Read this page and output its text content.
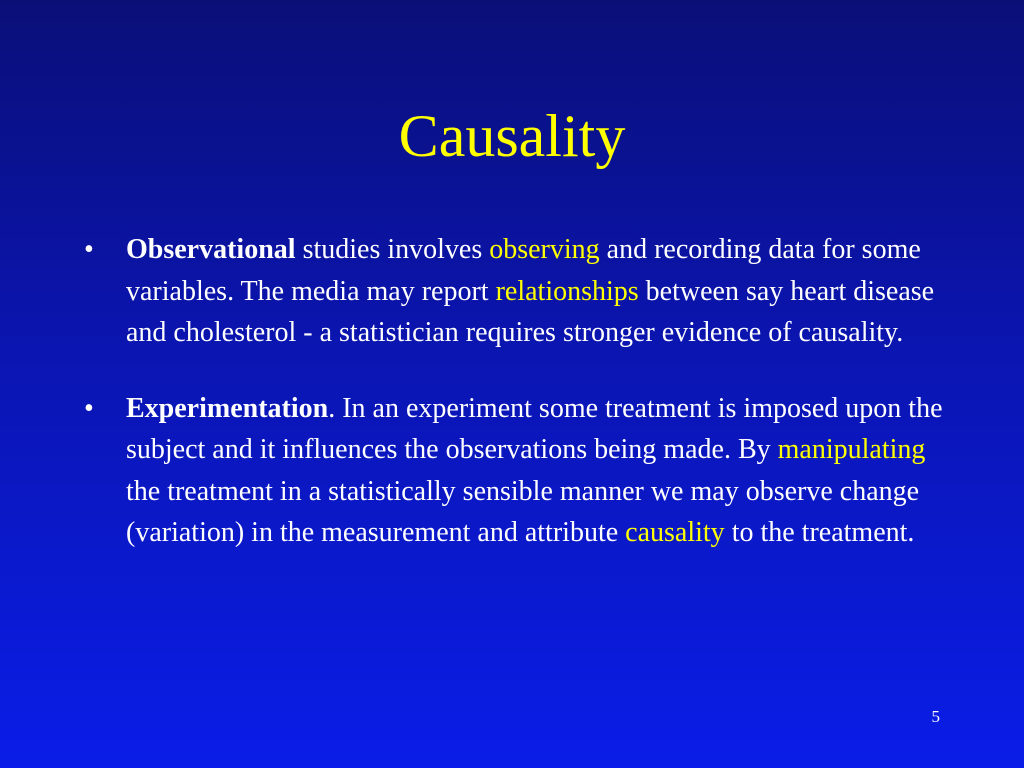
Causality
•	Observational studies involves observing and recording data for some variables. The media may report relationships between say heart disease and cholesterol - a statistician requires stronger evidence of causality.
•	Experimentation. In an experiment some treatment is imposed upon the subject and it influences the observations being made. By manipulating the treatment in a statistically sensible manner we may observe change (variation) in the measurement and attribute causality to the treatment.
5
